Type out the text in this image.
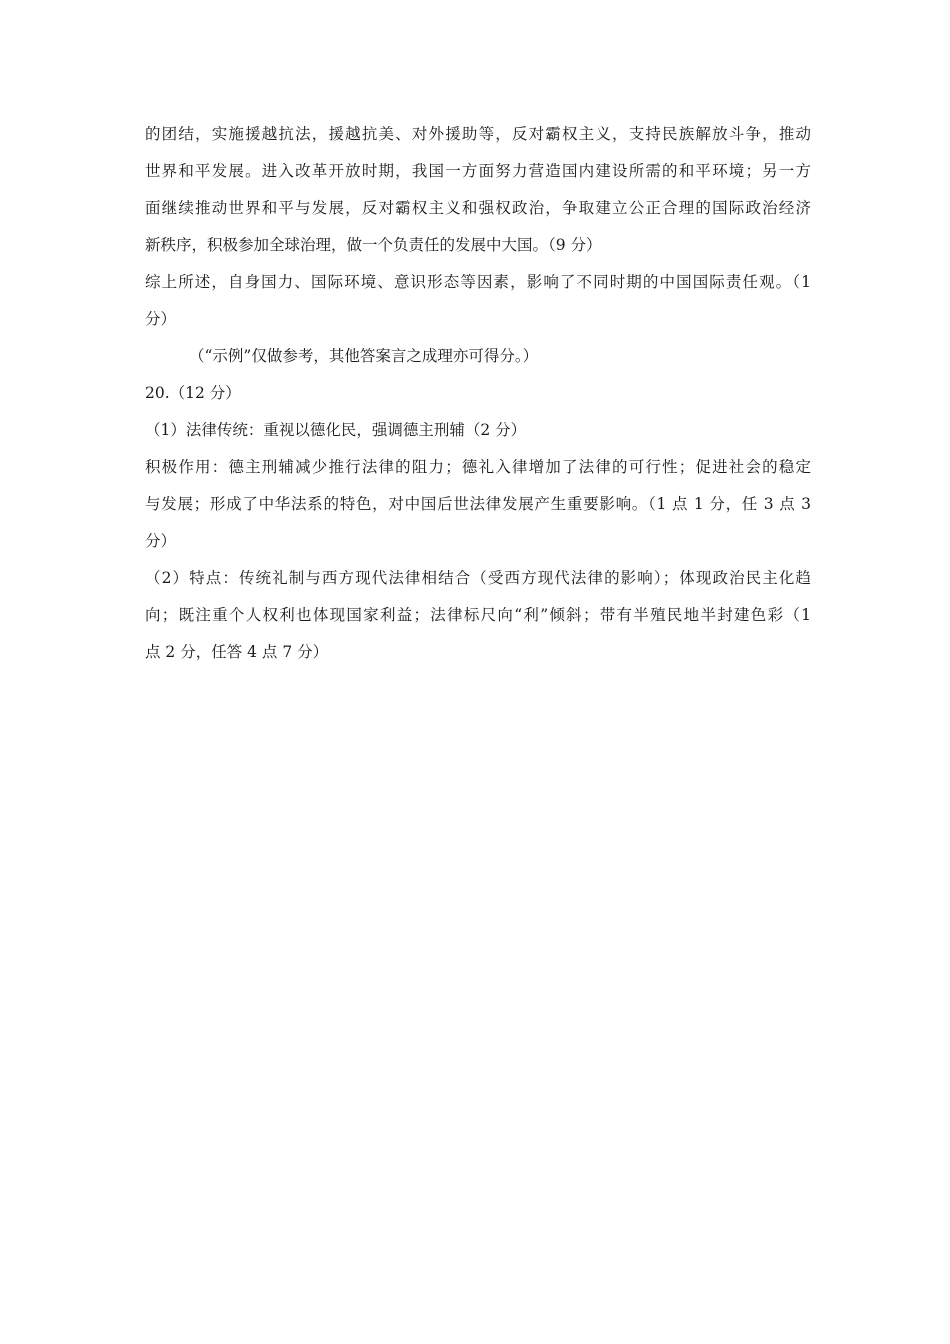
的团结，实施援越抗法，援越抗美、对外援助等，反对霸权主义，支持民族解放斗争，推动
世界和平发展。进入改革开放时期，我国一方面努力营造国内建设所需的和平环境；另一方
面继续推动世界和平与发展，反对霸权主义和强权政治，争取建立公正合理的国际政治经济
新秩序，积极参加全球治理，做一个负责任的发展中大国。（9 分）
综上所述，自身国力、国际环境、意识形态等因素，影响了不同时期的中国国际责任观。（1
分）
（“示例”仅做参考，其他答案言之成理亦可得分。）
20.（12 分）
（1）法律传统：重视以德化民，强调德主刑辅（2 分）
积极作用：德主刑辅减少推行法律的阻力；德礼入律增加了法律的可行性；促进社会的稳定
与发展；形成了中华法系的特色，对中国后世法律发展产生重要影响。（1 点 1 分，任 3 点 3
分）
（2）特点：传统礼制与西方现代法律相结合（受西方现代法律的影响）；体现政治民主化趋
向；既注重个人权利也体现国家利益；法律标尺向“利”倾斜；带有半殖民地半封建色彩（1
点 2 分，任答 4 点 7 分）
